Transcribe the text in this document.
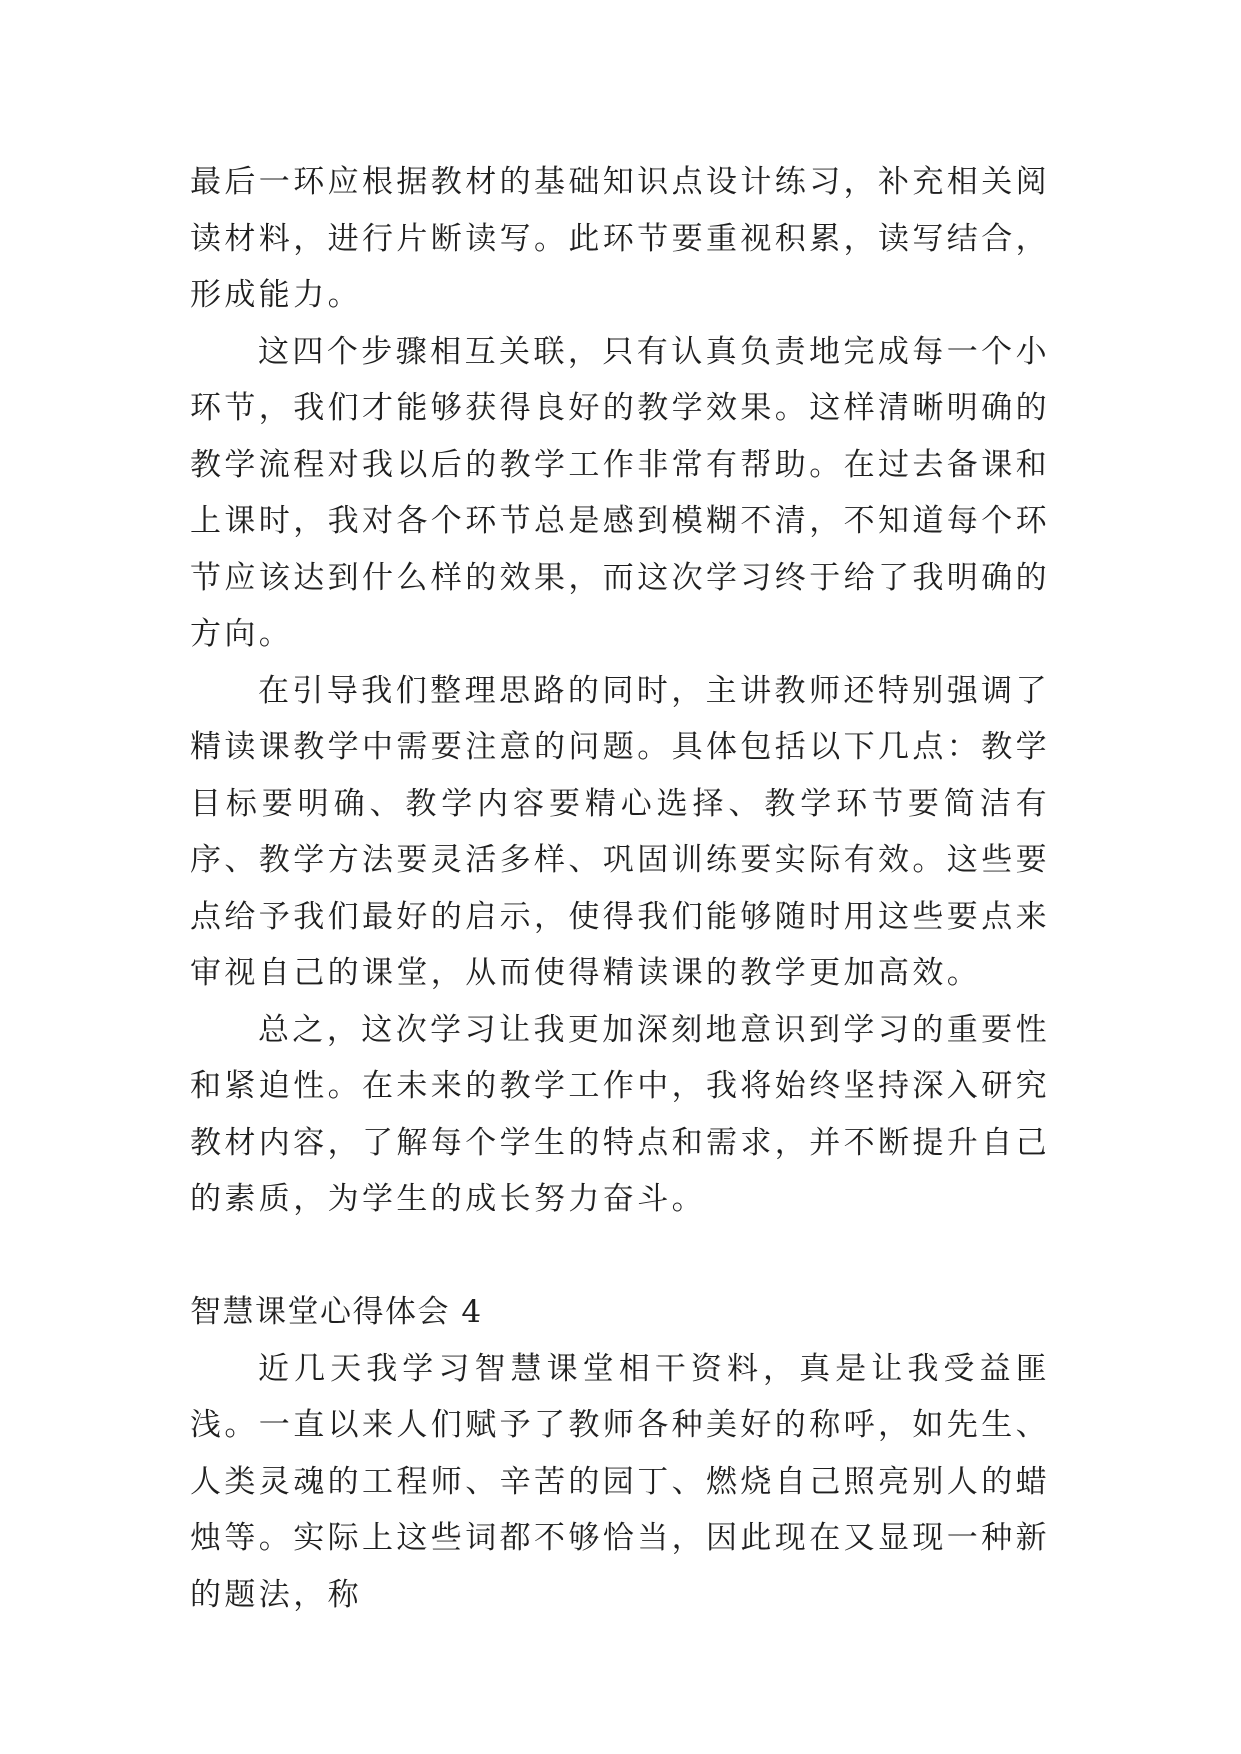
最后一环应根据教材的基础知识点设计练习，补充相关阅读材料，进行片断读写。此环节要重视积累，读写结合，形成能力。

这四个步骤相互关联，只有认真负责地完成每一个小环节，我们才能够获得良好的教学效果。这样清晰明确的教学流程对我以后的教学工作非常有帮助。在过去备课和上课时，我对各个环节总是感到模糊不清，不知道每个环节应该达到什么样的效果，而这次学习终于给了我明确的方向。

在引导我们整理思路的同时，主讲教师还特别强调了精读课教学中需要注意的问题。具体包括以下几点：教学目标要明确、教学内容要精心选择、教学环节要简洁有序、教学方法要灵活多样、巩固训练要实际有效。这些要点给予我们最好的启示，使得我们能够随时用这些要点来审视自己的课堂，从而使得精读课的教学更加高效。

总之，这次学习让我更加深刻地意识到学习的重要性和紧迫性。在未来的教学工作中，我将始终坚持深入研究教材内容，了解每个学生的特点和需求，并不断提升自己的素质，为学生的成长努力奋斗。

智慧课堂心得体会 4

近几天我学习智慧课堂相干资料，真是让我受益匪浅。一直以来人们赋予了教师各种美好的称呼，如先生、人类灵魂的工程师、辛苦的园丁、燃烧自己照亮别人的蜡烛等。实际上这些词都不够恰当，因此现在又显现一种新的题法，称
